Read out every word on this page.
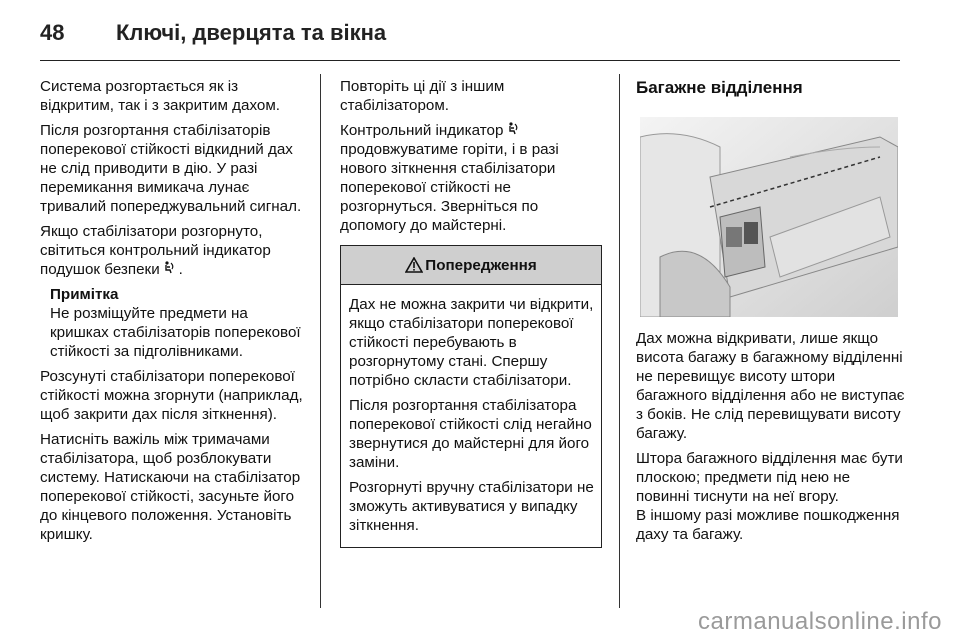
48 Ключі, дверцята та вікна

Система розгортається як із відкритим, так і з закритим дахом.

Після розгортання стабілізаторів поперекової стійкості відкидний дах не слід приводити в дію. У разі перемикання вимикача лунає тривалий попереджувальний сигнал.

Якщо стабілізатори розгорнуто, світиться контрольний індикатор подушок безпеки .

Примітка
Не розміщуйте предмети на кришках стабілізаторів поперекової стійкості за підголівниками.

Розсунуті стабілізатори поперекової стійкості можна згорнути (наприклад, щоб закрити дах після зіткнення).

Натисніть важіль між тримачами стабілізатора, щоб розблокувати систему. Натискаючи на стабілізатор поперекової стійкості, засуньте його до кінцевого положення. Установіть кришку.

Повторіть ці дії з іншим стабілізатором.

Контрольний індикатор  продовжуватиме горіти, і в разі нового зіткнення стабілізатори поперекової стійкості не розгорнуться. Зверніться по допомогу до майстерні.

Попередження

Дах не можна закрити чи відкрити, якщо стабілізатори поперекової стійкості перебувають в розгорнутому стані. Спершу потрібно скласти стабілізатори.

Після розгортання стабілізатора поперекової стійкості слід негайно звернутися до майстерні для його заміни.

Розгорнуті вручну стабілізатори не зможуть активуватися у випадку зіткнення.

Багажне відділення

Дах можна відкривати, лише якщо висота багажу в багажному відділенні не перевищує висоту штори багажного відділення або не виступає з боків. Не слід перевищувати висоту багажу.

Штора багажного відділення має бути плоскою; предмети під нею не повинні тиснути на неї вгору.

В іншому разі можливе пошкодження даху та багажу.

carmanualsonline.info
